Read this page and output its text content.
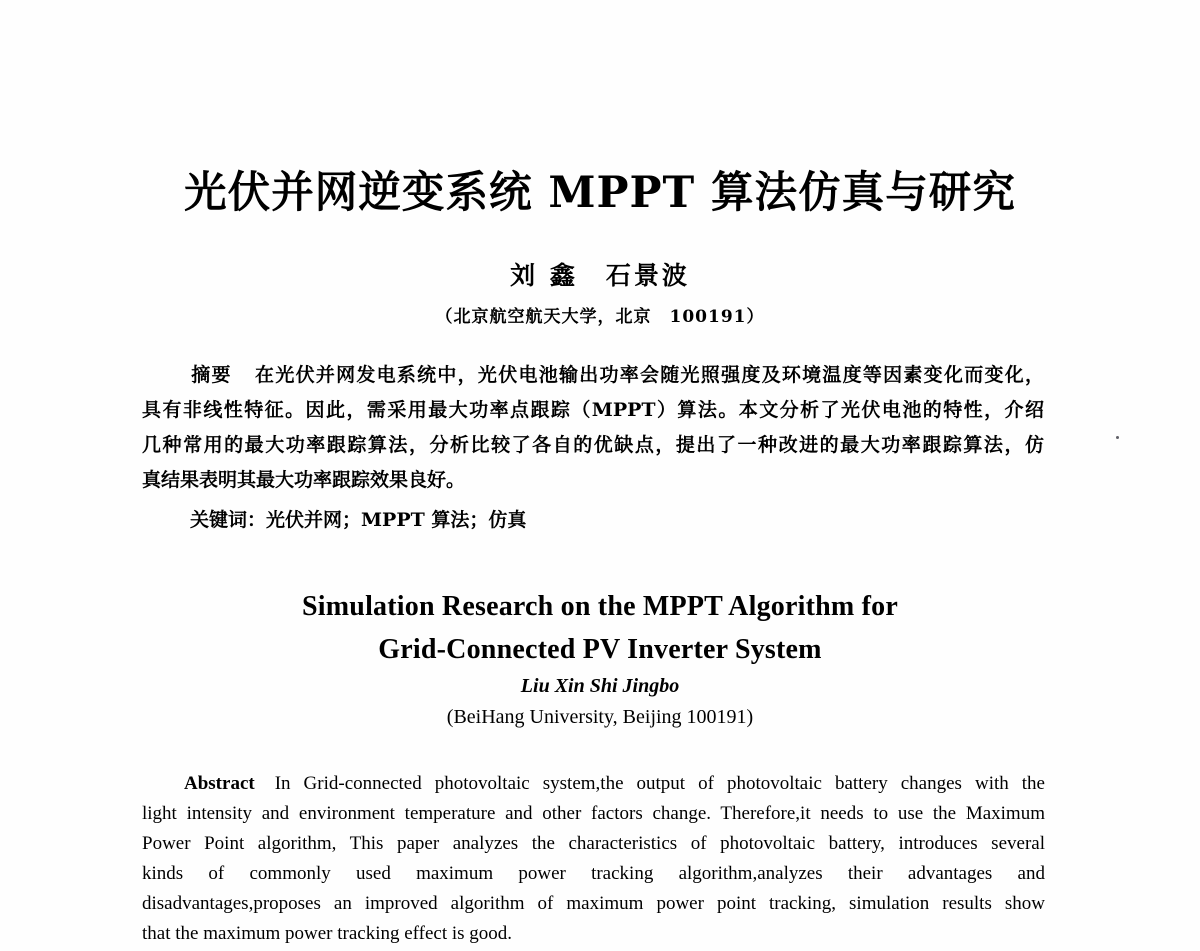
光伏并网逆变系统 MPPT 算法仿真与研究
刘 鑫　石景波
（北京航空航天大学，北京　100191）
摘要 在光伏并网发电系统中，光伏电池输出功率会随光照强度及环境温度等因素变化而变化，
具有非线性特征。因此，需采用最大功率点跟踪（MPPT）算法。本文分析了光伏电池的特性，介绍
几种常用的最大功率跟踪算法，分析比较了各自的优缺点，提出了一种改进的最大功率跟踪算法，仿
真结果表明其最大功率跟踪效果良好。
关键词：光伏并网；MPPT 算法；仿真
Simulation Research on the MPPT Algorithm for
Grid-Connected PV Inverter System
Liu Xin Shi Jingbo
(BeiHang University, Beijing 100191)
Abstract In Grid-connected photovoltaic system,the output of photovoltaic battery changes with the
light intensity and environment temperature and other factors change. Therefore,it needs to use the Maximum
Power Point algorithm, This paper analyzes the characteristics of photovoltaic battery, introduces several
kinds of commonly used maximum power tracking algorithm,analyzes their advantages and
disadvantages,proposes an improved algorithm of maximum power point tracking, simulation results show
that the maximum power tracking effect is good.
